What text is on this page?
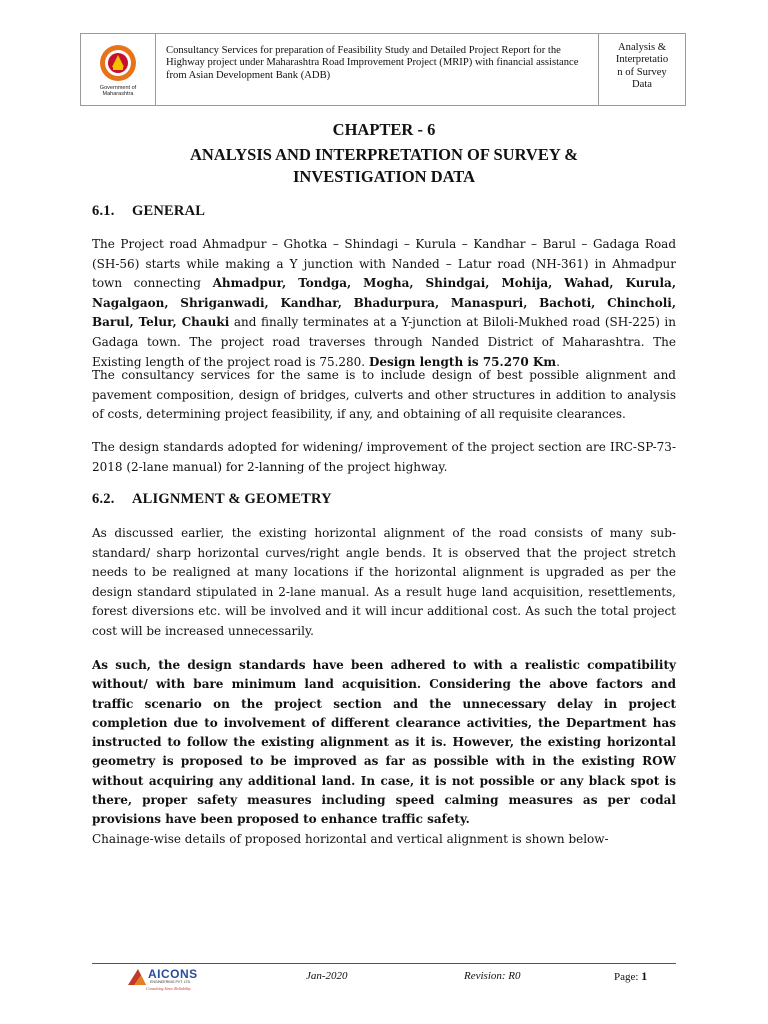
Government of
Maharashtra
Consultancy Services for preparation of Feasibility Study and Detailed Project Report for the Highway project under Maharashtra Road Improvement Project (MRIP) with financial assistance from Asian Development Bank (ADB)
Analysis &
Interpretatio
n of Survey
Data
CHAPTER - 6
ANALYSIS AND INTERPRETATION OF SURVEY &
INVESTIGATION DATA
6.1. GENERAL
The Project road Ahmadpur – Ghotka – Shindagi – Kurula – Kandhar – Barul – Gadaga Road (SH-56) starts while making a Y junction with Nanded – Latur road (NH-361) in Ahmadpur town connecting Ahmadpur, Tondga, Mogha, Shindgai, Mohija, Wahad, Kurula, Nagalgaon, Shriganwadi, Kandhar, Bhadurpura, Manaspuri, Bachoti, Chincholi, Barul, Telur, Chauki and finally terminates at a Y-junction at Biloli-Mukhed road (SH-225) in Gadaga town. The project road traverses through Nanded District of Maharashtra. The Existing length of the project road is 75.280. Design length is 75.270 Km.
The consultancy services for the same is to include design of best possible alignment and pavement composition, design of bridges, culverts and other structures in addition to analysis of costs, determining project feasibility, if any, and obtaining of all requisite clearances.
The design standards adopted for widening/ improvement of the project section are IRC-SP-73-2018 (2-lane manual) for 2-lanning of the project highway.
6.2. ALIGNMENT & GEOMETRY
As discussed earlier, the existing horizontal alignment of the road consists of many sub-standard/ sharp horizontal curves/right angle bends. It is observed that the project stretch needs to be realigned at many locations if the horizontal alignment is upgraded as per the design standard stipulated in 2-lane manual. As a result huge land acquisition, resettlements, forest diversions etc. will be involved and it will incur additional cost. As such the total project cost will be increased unnecessarily.
As such, the design standards have been adhered to with a realistic compatibility without/ with bare minimum land acquisition. Considering the above factors and traffic scenario on the project section and the unnecessary delay in project completion due to involvement of different clearance activities, the Department has instructed to follow the existing alignment as it is. However, the existing horizontal geometry is proposed to be improved as far as possible with in the existing ROW without acquiring any additional land. In case, it is not possible or any black spot is there, proper safety measures including speed calming measures as per codal provisions have been proposed to enhance traffic safety.
Chainage-wise details of proposed horizontal and vertical alignment is shown below-
AICONS
ENGINEERING PVT. LTD.
Consulting Since Reliability
Jan-2020	Revision: R0	Page: 1
